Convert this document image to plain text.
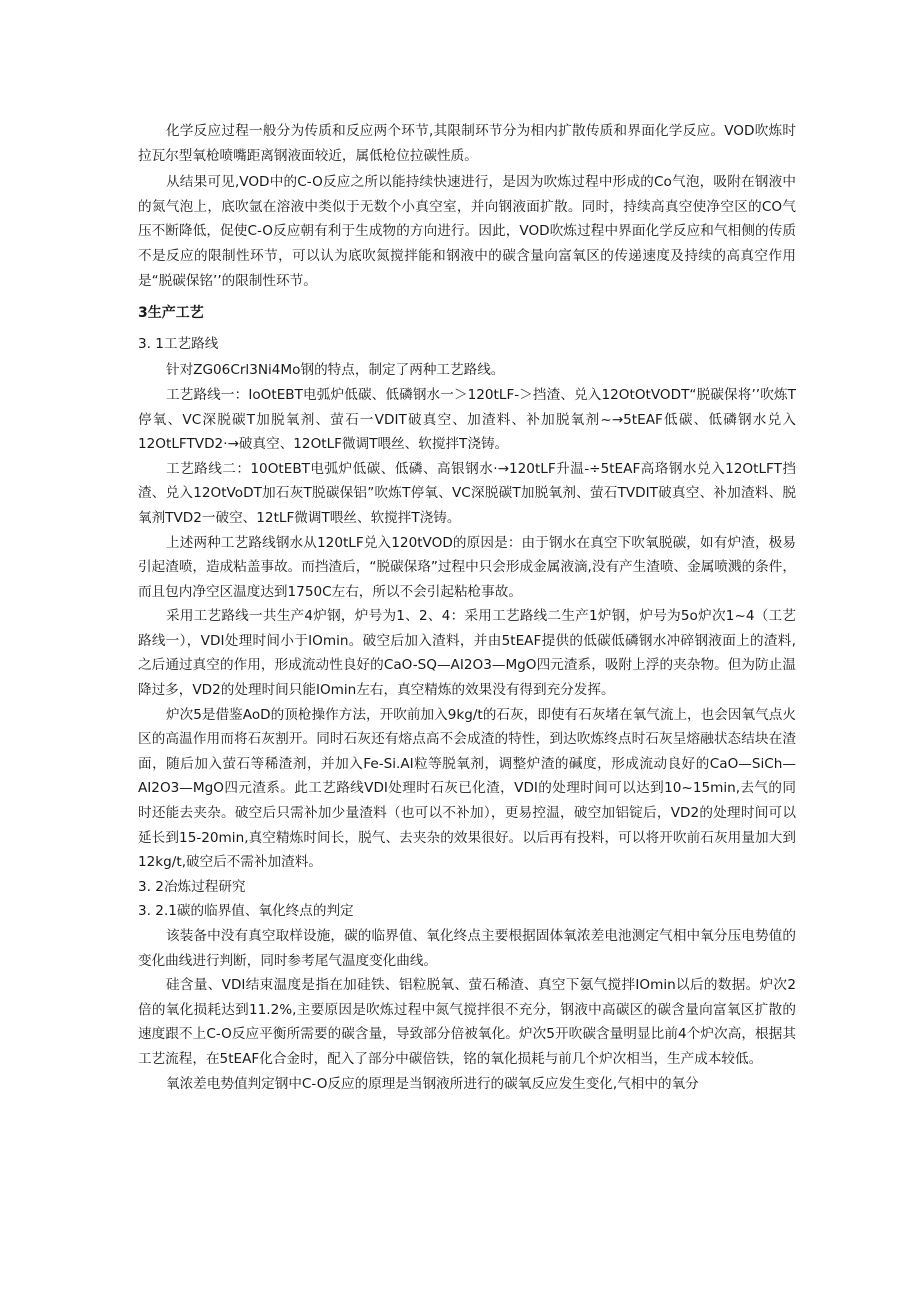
化学反应过程一般分为传质和反应两个环节,其限制环节分为相内扩散传质和界面化学反应。VOD吹炼时拉瓦尔型氧枪喷嘴距离钢液面较近，属低枪位拉碳性质。

从结果可见,VOD中的C-O反应之所以能持续快速进行，是因为吹炼过程中形成的Co气泡，吸附在钢液中的氮气泡上，底吹氩在溶液中类似于无数个小真空室，并向钢液面扩散。同时，持续高真空使净空区的CO气压不断降低，促使C-O反应朝有利于生成物的方向进行。因此，VOD吹炼过程中界面化学反应和气相侧的传质不是反应的限制性环节，可以认为底吹氮搅拌能和钢液中的碳含量向富氧区的传递速度及持续的高真空作用是“脱碳保铭’’的限制性环节。

3生产工艺

3. 1工艺路线

针对ZG06Crl3Ni4Mo钢的特点，制定了两种工艺路线。

工艺路线一：IoOtEBT电弧炉低碳、低磷钢水一＞120tLF-＞挡渣、兑入12OtOtVODT“脱碳保将’’吹炼T停氧、VC深脱碳T加脱氧剂、萤石一VDIT破真空、加渣料、补加脱氧剂~→5tEAF低碳、低磷钢水兑入12OtLFTVD2·→破真空、12OtLF微调T喂丝、软搅拌T浇铸。

工艺路线二：10OtEBT电弧炉低碳、低磷、高银钢水·→120tLF升温-÷5tEAF高珞钢水兑入12OtLFT挡渣、兑入12OtVoDT加石灰T脱碳保铝”吹炼T停氧、VC深脱碳T加脱氧剂、萤石TVDIT破真空、补加渣料、脱氧剂TVD2一破空、12tLF微调T喂丝、软搅拌T浇铸。

上述两种工艺路线钢水从120tLF兑入120tVOD的原因是：由于钢水在真空下吹氧脱碳，如有炉渣，极易引起渣喷，造成粘盖事故。而挡渣后，“脱碳保珞”过程中只会形成金属液滴,没有产生渣喷、金属喷溅的条件，而且包内净空区温度达到1750C左右，所以不会引起粘枪事故。

采用工艺路线一共生产4炉钢，炉号为1、2、4：采用工艺路线二生产1炉钢，炉号为5o炉次1~4（工艺路线一），VDI处理时间小于IOmin。破空后加入渣料，并由5tEAF提供的低碳低磷钢水冲碎钢液面上的渣料,之后通过真空的作用，形成流动性良好的CaO-SQ—AI2O3—MgO四元渣系，吸附上浮的夹杂物。但为防止温降过多，VD2的处理时间只能IOmin左右，真空精炼的效果没有得到充分发挥。

炉次5是借鉴AoD的顶枪操作方法，开吹前加入9kg/t的石灰，即使有石灰堵在氧气流上，也会因氧气点火区的高温作用而将石灰割开。同时石灰还有熔点高不会成渣的特性，到达吹炼终点时石灰呈熔融状态结块在渣面，随后加入萤石等稀渣剂，并加入Fe-Si.AI粒等脱氧剂，调整炉渣的碱度，形成流动良好的CaO—SiCh—AI2O3—MgO四元渣系。此工艺路线VDI处理时石灰已化渣，VDI的处理时间可以达到10~15min,去气的同时还能去夹杂。破空后只需补加少量渣料（也可以不补加），更易控温，破空加铝锭后，VD2的处理时间可以延长到15-20min,真空精炼时间长，脱气、去夹杂的效果很好。以后再有投料，可以将开吹前石灰用量加大到12kg∕t,破空后不需补加渣料。

3. 2冶炼过程研究

3. 2.1碳的临界值、氧化终点的判定

该装备中没有真空取样设施，碳的临界值、氧化终点主要根据固体氧浓差电池测定气相中氧分压电势值的变化曲线进行判断，同时参考尾气温度变化曲线。

硅含量、VDI结束温度是指在加硅铁、铝粒脱氧、萤石稀渣、真空下氨气搅拌IOmin以后的数据。炉次2倍的氧化损耗达到11.2%,主要原因是吹炼过程中氮气搅拌很不充分，钢液中高碳区的碳含量向富氧区扩散的速度跟不上C-O反应平衡所需要的碳含量，导致部分倍被氧化。炉次5开吹碳含量明显比前4个炉次高，根据其工艺流程，在5tEAF化合金时，配入了部分中碳倍铁，铭的氧化损耗与前几个炉次相当，生产成本较低。

氧浓差电势值判定钢中C-O反应的原理是当钢液所进行的碳氧反应发生变化,气相中的氧分
